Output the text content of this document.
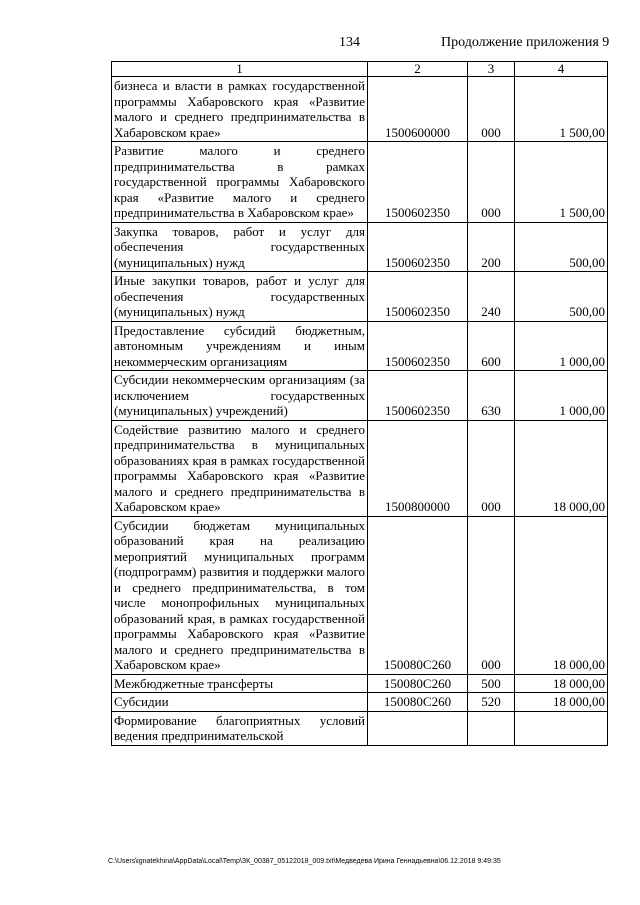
134	Продолжение приложения 9
1	2	3	4
бизнеса и власти в рамках государственной программы Хабаровского края «Развитие малого и среднего предпринимательства в Хабаровском крае»	1500600000	000	1 500,00
Развитие малого и среднего предпринимательства в рамках государственной программы Хабаровского края «Развитие малого и среднего предпринимательства в Хабаровском крае»	1500602350	000	1 500,00
Закупка товаров, работ и услуг для обеспечения государственных (муниципальных) нужд	1500602350	200	500,00
Иные закупки товаров, работ и услуг для обеспечения государственных (муниципальных) нужд	1500602350	240	500,00
Предоставление субсидий бюджетным, автономным учреждениям и иным некоммерческим организациям	1500602350	600	1 000,00
Субсидии некоммерческим организациям (за исключением государственных (муниципальных) учреждений)	1500602350	630	1 000,00
Содействие развитию малого и среднего предпринимательства в муниципальных образованиях края в рамках государственной программы Хабаровского края «Развитие малого и среднего предпринимательства в Хабаровском крае»	1500800000	000	18 000,00
Субсидии бюджетам муниципальных образований края на реализацию мероприятий муниципальных программ (подпрограмм) развития и поддержки малого и среднего предпринимательства, в том числе монопрофильных муниципальных образований края, в рамках государственной программы Хабаровского края «Развитие малого и среднего предпринимательства в Хабаровском крае»	150080С260	000	18 000,00
Межбюджетные трансферты	150080С260	500	18 000,00
Субсидии	150080С260	520	18 000,00
Формирование благоприятных условий ведения предпринимательской			
C:\Users\ignatekhina\AppData\Local\Temp\ЗК_00387_05122018_009.txt\Медведева Ирина Геннадьевна\06.12.2018 9:49:35
